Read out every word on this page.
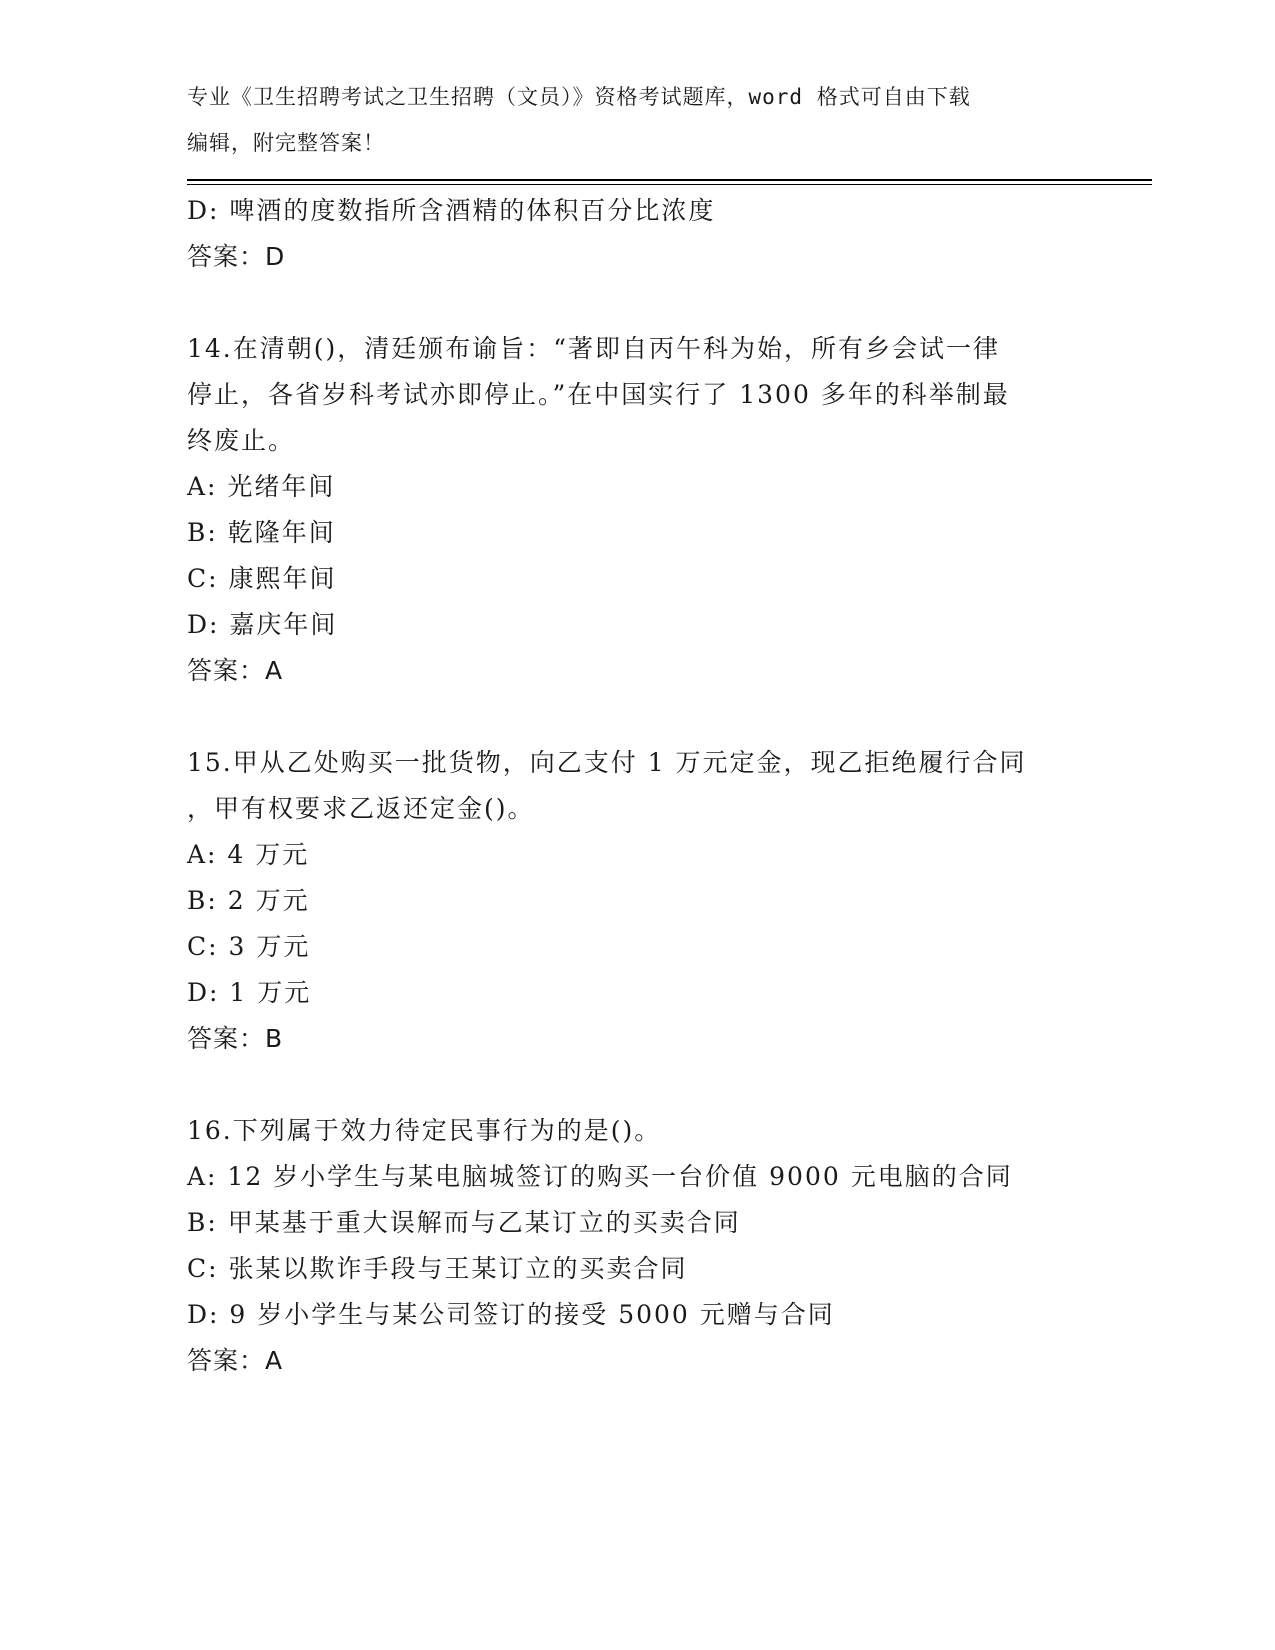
专业《卫生招聘考试之卫生招聘（文员）》资格考试题库，word 格式可自由下载
编辑，附完整答案！
D: 啤酒的度数指所含酒精的体积百分比浓度
答案：D
14.在清朝()，清廷颁布谕旨：“著即自丙午科为始，所有乡会试一律
停止，各省岁科考试亦即停止。”在中国实行了 1300 多年的科举制最
终废止。
A: 光绪年间
B: 乾隆年间
C: 康熙年间
D: 嘉庆年间
答案：A
15.甲从乙处购买一批货物，向乙支付 1 万元定金，现乙拒绝履行合同
，甲有权要求乙返还定金()。
A: 4 万元
B: 2 万元
C: 3 万元
D: 1 万元
答案：B
16.下列属于效力待定民事行为的是()。
A: 12 岁小学生与某电脑城签订的购买一台价值 9000 元电脑的合同
B: 甲某基于重大误解而与乙某订立的买卖合同
C: 张某以欺诈手段与王某订立的买卖合同
D: 9 岁小学生与某公司签订的接受 5000 元赠与合同
答案：A
